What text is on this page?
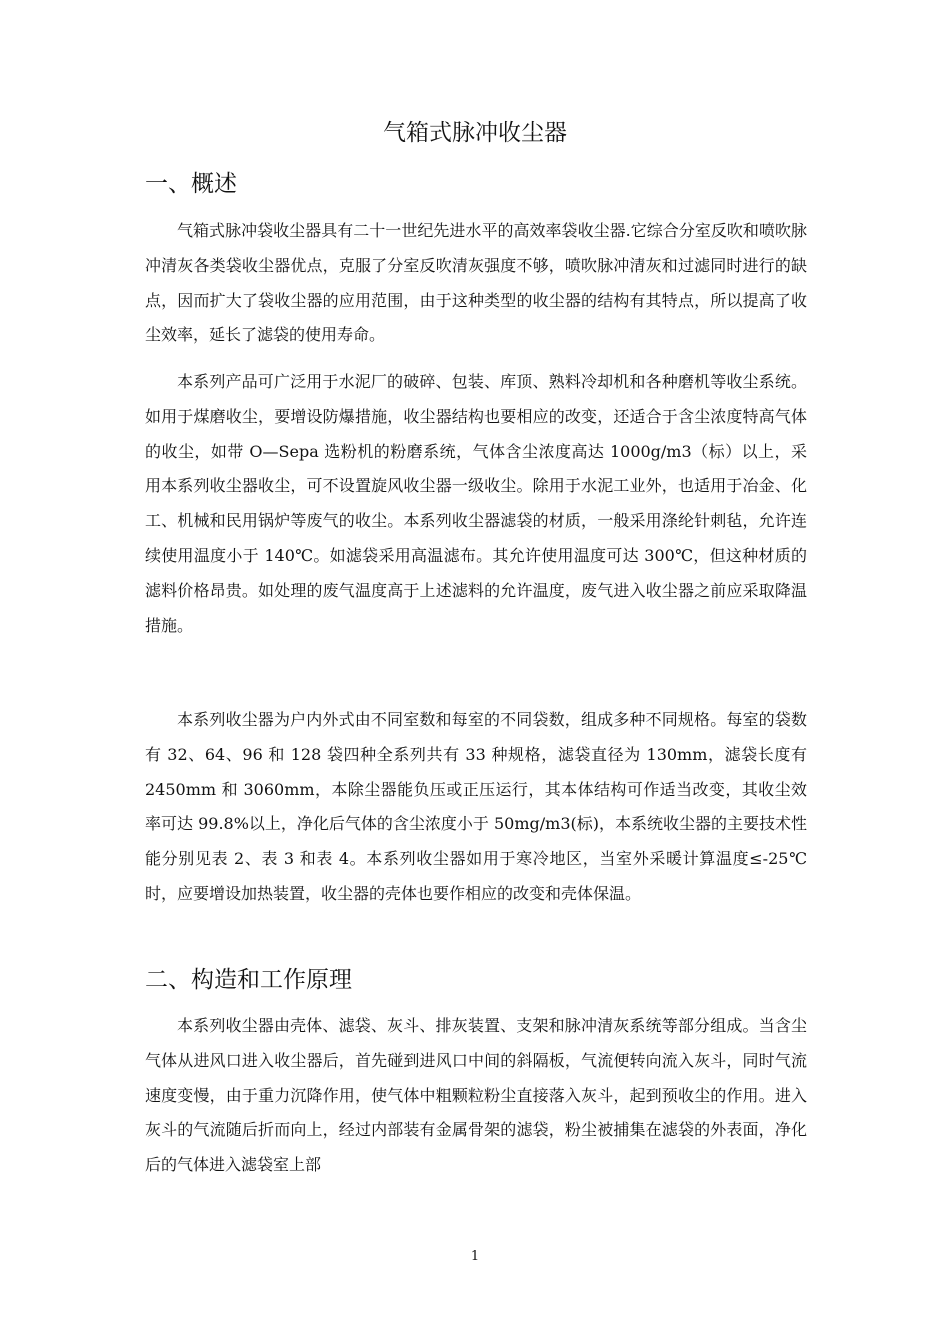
气箱式脉冲收尘器
一、概述

气箱式脉冲袋收尘器具有二十一世纪先进水平的高效率袋收尘器.它综合分室反吹和喷吹脉冲清灰各类袋收尘器优点，克服了分室反吹清灰强度不够，喷吹脉冲清灰和过滤同时进行的缺点，因而扩大了袋收尘器的应用范围，由于这种类型的收尘器的结构有其特点，所以提高了收尘效率，延长了滤袋的使用寿命。

本系列产品可广泛用于水泥厂的破碎、包装、库顶、熟料冷却机和各种磨机等收尘系统。如用于煤磨收尘，要增设防爆措施，收尘器结构也要相应的改变，还适合于含尘浓度特高气体的收尘，如带 O—Sepa 选粉机的粉磨系统，气体含尘浓度高达 1000g/m3（标）以上，采用本系列收尘器收尘，可不设置旋风收尘器一级收尘。除用于水泥工业外，也适用于冶金、化工、机械和民用锅炉等废气的收尘。本系列收尘器滤袋的材质，一般采用涤纶针刺毡，允许连续使用温度小于 140℃。如滤袋采用高温滤布。其允许使用温度可达 300℃，但这种材质的滤料价格昂贵。如处理的废气温度高于上述滤料的允许温度，废气进入收尘器之前应采取降温措施。

本系列收尘器为户内外式由不同室数和每室的不同袋数，组成多种不同规格。每室的袋数有 32、64、96 和 128 袋四种全系列共有 33 种规格，滤袋直径为 130mm，滤袋长度有 2450mm 和 3060mm，本除尘器能负压或正压运行，其本体结构可作适当改变，其收尘效率可达 99.8%以上，净化后气体的含尘浓度小于 50mg/m3(标)，本系统收尘器的主要技术性能分别见表 2、表 3 和表 4。本系列收尘器如用于寒冷地区，当室外采暖计算温度≤-25℃时，应要增设加热装置，收尘器的壳体也要作相应的改变和壳体保温。

二、构造和工作原理

本系列收尘器由壳体、滤袋、灰斗、排灰装置、支架和脉冲清灰系统等部分组成。当含尘气体从进风口进入收尘器后，首先碰到进风口中间的斜隔板，气流便转向流入灰斗，同时气流速度变慢，由于重力沉降作用，使气体中粗颗粒粉尘直接落入灰斗，起到预收尘的作用。进入灰斗的气流随后折而向上，经过内部装有金属骨架的滤袋，粉尘被捕集在滤袋的外表面，净化后的气体进入滤袋室上部

1
